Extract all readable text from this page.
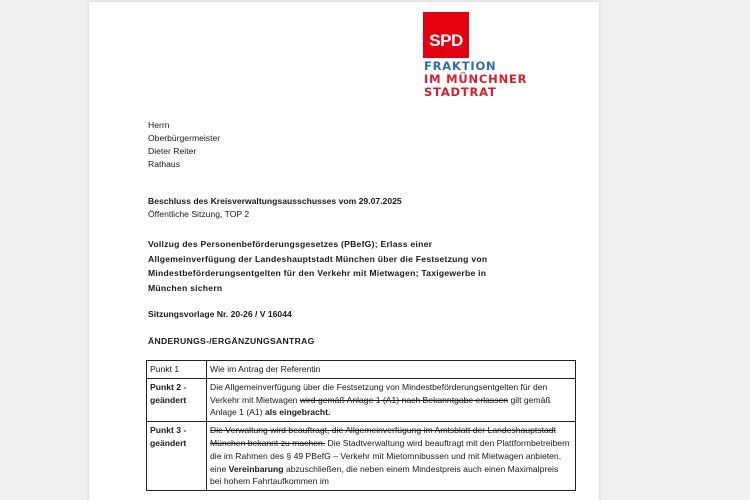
SPD
FRAKTION
IM MÜNCHNER
STADTRAT
Herrn
Oberbürgermeister
Dieter Reiter
Rathaus
Beschluss des Kreisverwaltungsausschusses vom 29.07.2025
Öffentliche Sitzung, TOP 2
Vollzug des Personenbeförderungsgesetzes (PBefG); Erlass einer
Allgemeinverfügung der Landeshauptstadt München über die Festsetzung von
Mindestbeförderungsentgelten für den Verkehr mit Mietwagen; Taxigewerbe in
München sichern
Sitzungsvorlage Nr. 20-26 / V 16044
ÄNDERUNGS-/ERGÄNZUNGSANTRAG
Punkt 1	Wie im Antrag der Referentin

Punkt 2 -
geändert	Die Allgemeinverfügung über die Festsetzung von Mindestbeförderungsentgelten für den Verkehr mit Mietwagen wird gemäß Anlage 1 (A1) nach Bekanntgabe erlassen gilt gemäß Anlage 1 (A1) als eingebracht.

Punkt 3 -
geändert	Die Verwaltung wird beauftragt, die Allgemeinverfügung im Amtsblatt der Landeshauptstadt München bekannt zu machen. Die Stadtverwaltung wird beauftragt mit den Plattformbetreibern die im Rahmen des § 49 PBefG – Verkehr mit Mietomnibussen und mit Mietwagen anbieten, eine Vereinbarung abzuschließen, die neben einem Mindestpreis auch einen Maximalpreis bei hohem Fahrtaufkommen im
